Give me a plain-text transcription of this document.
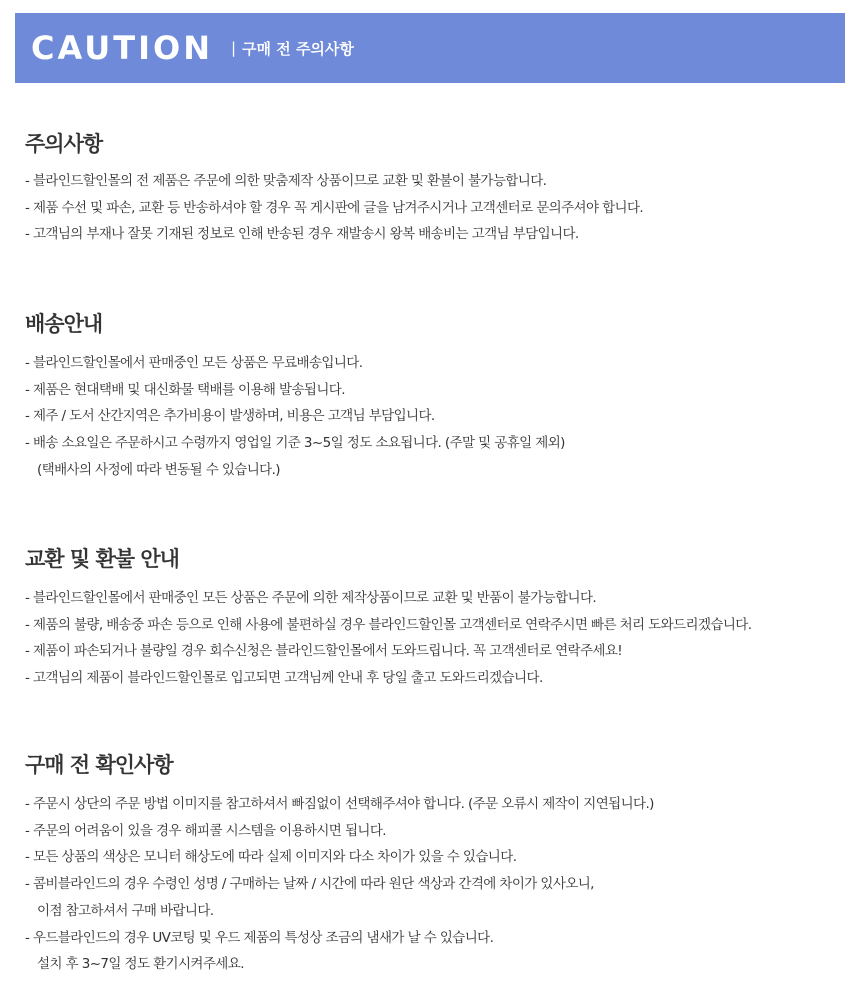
CAUTION | 구매 전 주의사항
주의사항
- 블라인드할인몰의 전 제품은 주문에 의한 맞춤제작 상품이므로 교환 및 환불이 불가능합니다.
- 제품 수선 및 파손, 교환 등 반송하셔야 할 경우 꼭 게시판에 글을 남겨주시거나 고객센터로 문의주셔야 합니다.
- 고객님의 부재나 잘못 기재된 정보로 인해 반송된 경우 재발송시 왕복 배송비는 고객님 부담입니다.
배송안내
- 블라인드할인몰에서 판매중인 모든 상품은 무료배송입니다.
- 제품은 현대택배 및 대신화물 택배를 이용해 발송됩니다.
- 제주 / 도서 산간지역은 추가비용이 발생하며, 비용은 고객님 부담입니다.
- 배송 소요일은 주문하시고 수령까지 영업일 기준 3~5일 정도 소요됩니다. (주말 및 공휴일 제외)
(택배사의 사정에 따라 변동될 수 있습니다.)
교환 및 환불 안내
- 블라인드할인몰에서 판매중인 모든 상품은 주문에 의한 제작상품이므로 교환 및 반품이 불가능합니다.
- 제품의 불량, 배송중 파손 등으로 인해 사용에 불편하실 경우 블라인드할인몰 고객센터로 연락주시면 빠른 처리 도와드리겠습니다.
- 제품이 파손되거나 불량일 경우 회수신청은 블라인드할인몰에서 도와드립니다. 꼭 고객센터로 연락주세요!
- 고객님의 제품이 블라인드할인몰로 입고되면 고객님께 안내 후 당일 출고 도와드리겠습니다.
구매 전 확인사항
- 주문시 상단의 주문 방법 이미지를 참고하셔서 빠짐없이 선택해주셔야 합니다. (주문 오류시 제작이 지연됩니다.)
- 주문의 어려움이 있을 경우 해피콜 시스템을 이용하시면 됩니다.
- 모든 상품의 색상은 모니터 해상도에 따라 실제 이미지와 다소 차이가 있을 수 있습니다.
- 콤비블라인드의 경우 수령인 성명 / 구매하는 날짜 / 시간에 따라 원단 색상과 간격에 차이가 있사오니,
이점 참고하셔서 구매 바랍니다.
- 우드블라인드의 경우 UV코팅 및 우드 제품의 특성상 조금의 냄새가 날 수 있습니다.
설치 후 3~7일 정도 환기시켜주세요.
